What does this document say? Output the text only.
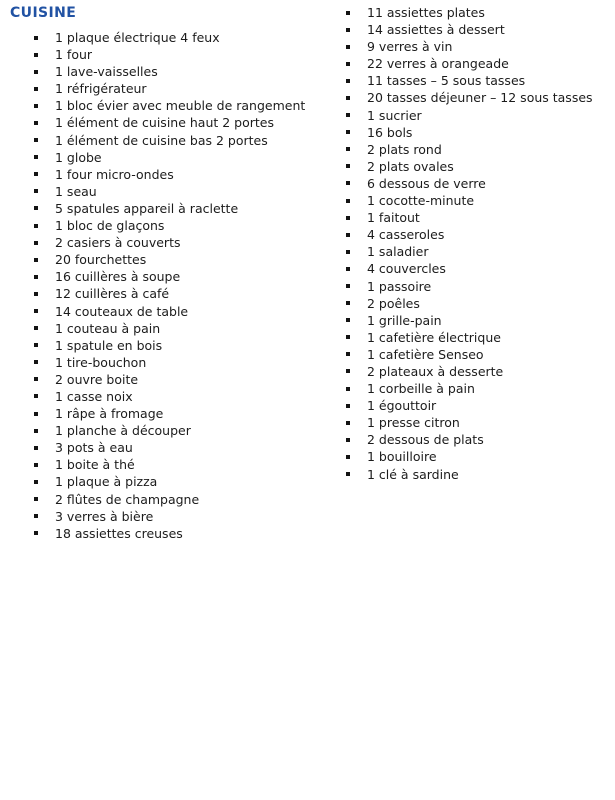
CUISINE
1 plaque électrique 4 feux
1 four
1 lave-vaisselles
1 réfrigérateur
1 bloc évier avec meuble de rangement
1 élément de cuisine haut 2 portes
1 élément de cuisine bas 2 portes
1 globe
1 four micro-ondes
1 seau
5 spatules appareil à raclette
1 bloc de glaçons
2 casiers à couverts
20 fourchettes
16 cuillères à soupe
12 cuillères à café
14 couteaux de table
1 couteau à pain
1 spatule en bois
1 tire-bouchon
2 ouvre boite
1 casse noix
1 râpe à fromage
1 planche à découper
3 pots à eau
1 boite à thé
1 plaque à pizza
2 flûtes de champagne
3 verres à bière
18 assiettes creuses
11 assiettes plates
14 assiettes à dessert
9 verres à vin
22 verres à orangeade
11 tasses – 5 sous tasses
20 tasses déjeuner – 12 sous tasses
1 sucrier
16 bols
2 plats rond
2 plats ovales
6 dessous de verre
1 cocotte-minute
1 faitout
4 casseroles
1 saladier
4 couvercles
1 passoire
2 poêles
1 grille-pain
1 cafetière électrique
1 cafetière Senseo
2 plateaux à desserte
1 corbeille à pain
1 égouttoir
1 presse citron
2 dessous de plats
1 bouilloire
1 clé à sardine
